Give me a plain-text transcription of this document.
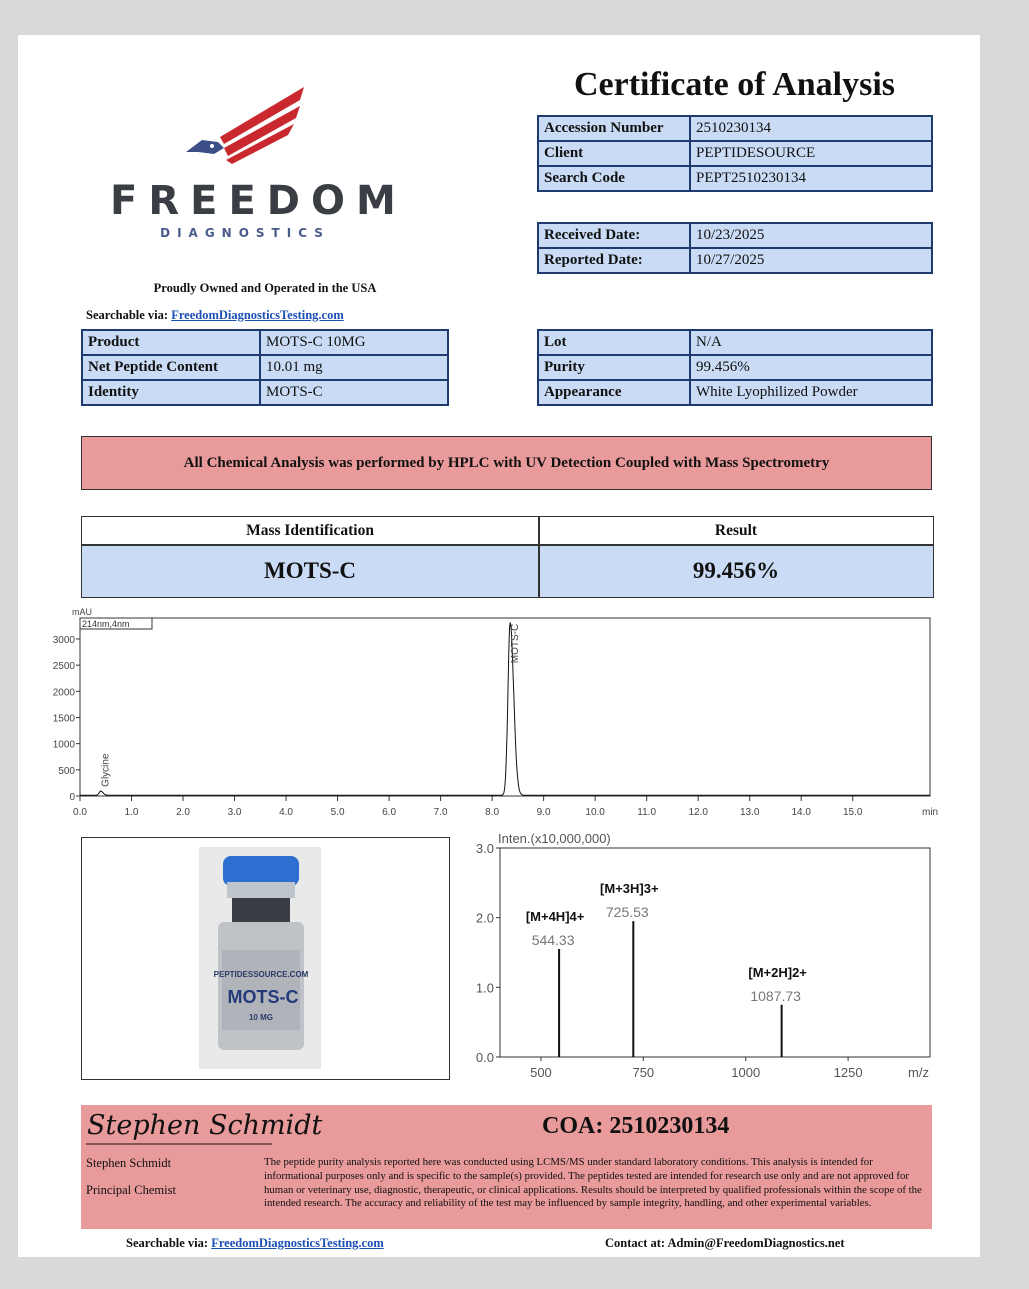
FREEDOM
DIAGNOSTICS
Proudly Owned and Operated in the USA
Searchable via: FreedomDiagnosticsTesting.com
Certificate of Analysis
Accession Number	2510230134
Client	PEPTIDESOURCE
Search Code	PEPT2510230134
Received Date:	10/23/2025
Reported Date:	10/27/2025
Product	MOTS-C 10MG
Net Peptide Content	10.01 mg
Identity	MOTS-C
Lot	N/A
Purity	99.456%
Appearance	White Lyophilized Powder
All Chemical Analysis was performed by HPLC with UV Detection Coupled with Mass Spectrometry
Mass Identification	Result
MOTS-C	99.456%
0.0	1.0	2.0	3.0	4.0	5.0	6.0	7.0	8.0	9.0	10.0	11.0	12.0	13.0	14.0	15.0	min
0
500
1000
1500
2000
2500
3000
mAU
214nm,4nm
Glycine
MOTS-C
PEPTIDESSOURCE.COM
MOTS-C
10 MG
Inten.(x10,000,000)
500	750	1000	1250	m/z
0.0
1.0
2.0
3.0
544.33
[M+4H]4+ 725.53
[M+3H]3+
1087.73
[M+2H]2+
Stephen Schmidt	COA: 2510230134
Stephen Schmidt
Principal Chemist
The peptide purity analysis reported here was conducted using LCMS/MS under standard laboratory conditions. This analysis is intended for informational purposes only and is specific to the sample(s) provided. The peptides tested are intended for research use only and are not approved for human or veterinary use, diagnostic, therapeutic, or clinical applications. Results should be interpreted by qualified professionals within the scope of the intended research. The accuracy and reliability of the test may be influenced by sample integrity, handling, and other experimental variables.
Searchable via: FreedomDiagnosticsTesting.com	Contact at: Admin@FreedomDiagnostics.net
